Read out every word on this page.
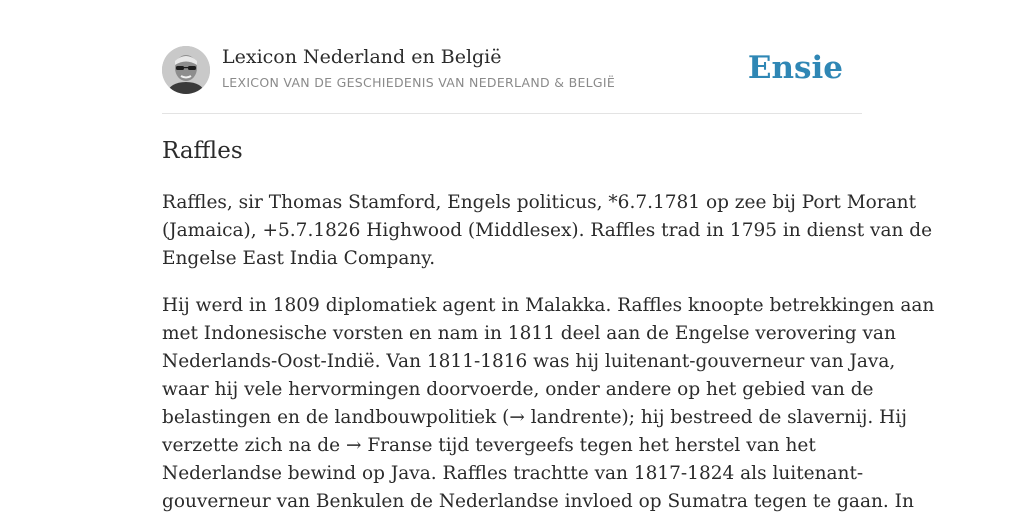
Lexicon Nederland en België
LEXICON VAN DE GESCHIEDENIS VAN NEDERLAND & BELGIË	Ensie
Raffles

Raffles, sir Thomas Stamford, Engels politicus, *6.7.1781 op zee bij Port Morant
(Jamaica), +5.7.1826 Highwood (Middlesex). Raffles trad in 1795 in dienst van de
Engelse East India Company.

Hij werd in 1809 diplomatiek agent in Malakka. Raffles knoopte betrekkingen aan
met Indonesische vorsten en nam in 1811 deel aan de Engelse verovering van
Nederlands-Oost-Indië. Van 1811-1816 was hij luitenant-gouverneur van Java,
waar hij vele hervormingen doorvoerde, onder andere op het gebied van de
belastingen en de landbouwpolitiek (→ landrente); hij bestreed de slavernij. Hij
verzette zich na de → Franse tijd tevergeefs tegen het herstel van het
Nederlandse bewind op Java. Raffles trachtte van 1817-1824 als luitenant-
gouverneur van Benkulen de Nederlandse invloed op Sumatra tegen te gaan. In
